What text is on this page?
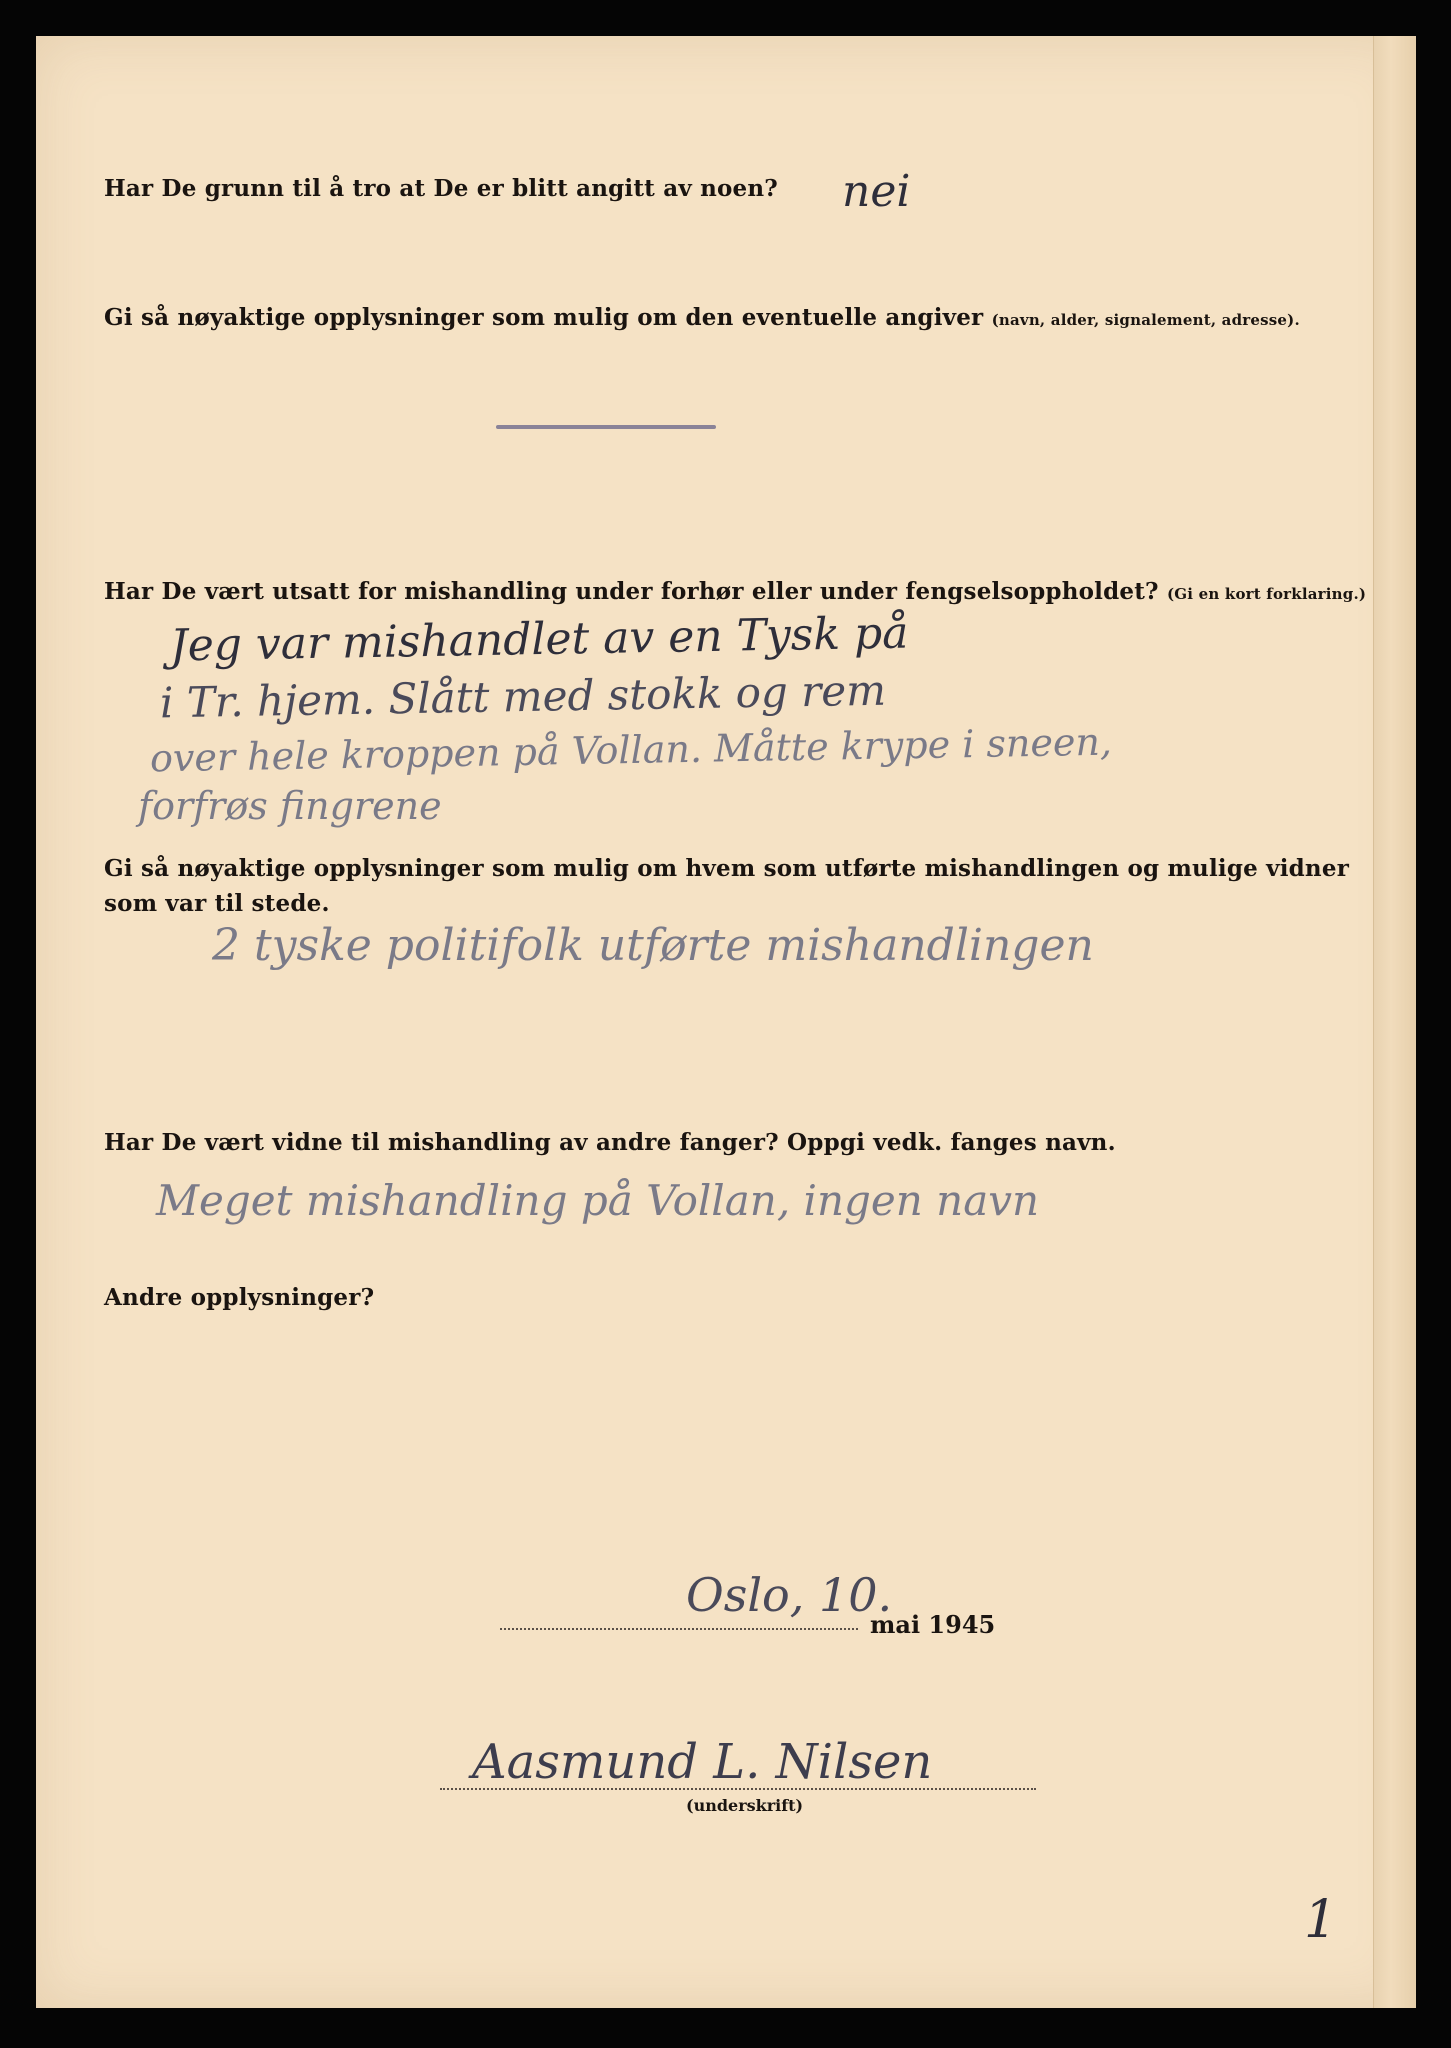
Har De grunn til å tro at De er blitt angitt av noen? nei
Gi så nøyaktige opplysninger som mulig om den eventuelle angiver (navn, alder, signalement, adresse).
Har De vært utsatt for mishandling under forhør eller under fengselsoppholdet? (Gi en kort forklaring.)
Jeg var mishandlet av en Tysk på
i Tr. hjem. Slått med stokk og rem
over hele kroppen på Vollan. Måtte krype i sneen,
forfrøs fingrene
Gi så nøyaktige opplysninger som mulig om hvem som utførte mishandlingen og mulige vidner
som var til stede.
2 tyske politifolk utførte mishandlingen
Har De vært vidne til mishandling av andre fanger? Oppgi vedk. fanges navn.
Meget mishandling på Vollan, ingen navn
Andre opplysninger?
Oslo, 10.
mai 1945
Aasmund L. Nilsen
(underskrift)
1
